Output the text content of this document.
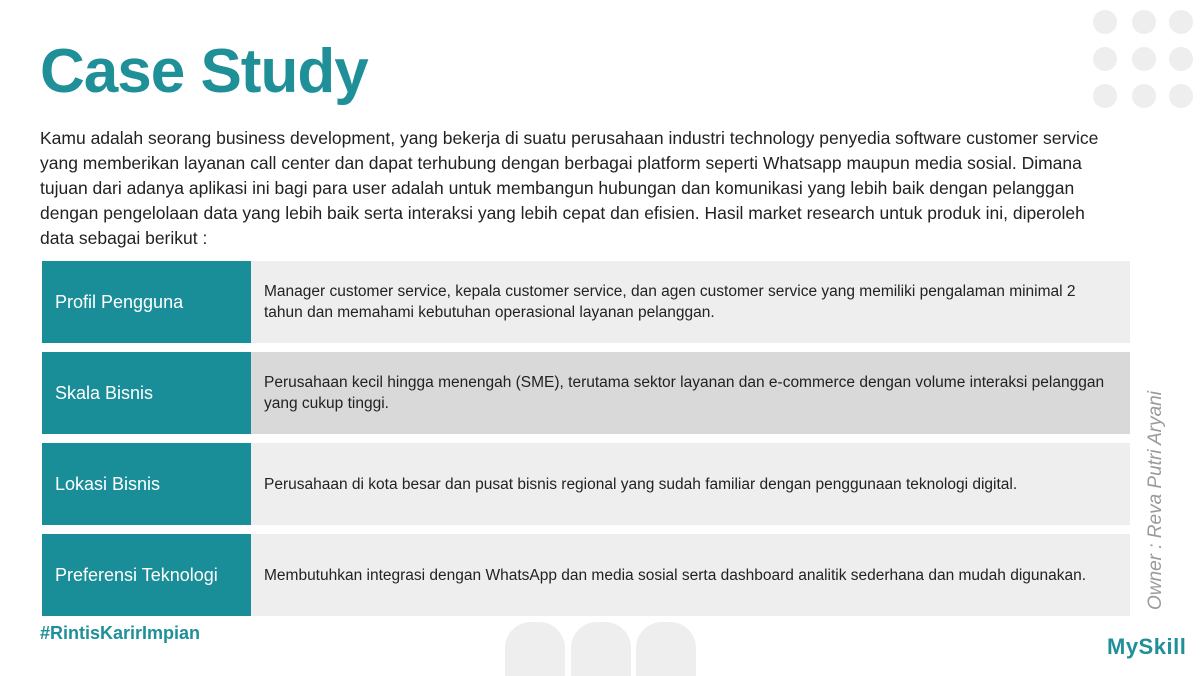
Case Study

Kamu adalah seorang business development, yang bekerja di suatu perusahaan industri technology penyedia software customer service yang memberikan layanan call center dan dapat terhubung dengan berbagai platform seperti Whatsapp maupun media sosial. Dimana tujuan dari adanya aplikasi ini bagi para user adalah untuk membangun hubungan dan komunikasi yang lebih baik dengan pelanggan dengan pengelolaan data yang lebih baik serta interaksi yang lebih cepat dan efisien. Hasil market research untuk produk ini, diperoleh data sebagai berikut :

Profil Pengguna	Manager customer service, kepala customer service, dan agen customer service yang memiliki pengalaman minimal 2 tahun dan memahami kebutuhan operasional layanan pelanggan.
Skala Bisnis	Perusahaan kecil hingga menengah (SME), terutama sektor layanan dan e-commerce dengan volume interaksi pelanggan yang cukup tinggi.
Lokasi Bisnis	Perusahaan di kota besar dan pusat bisnis regional yang sudah familiar dengan penggunaan teknologi digital.
Preferensi Teknologi	Membutuhkan integrasi dengan WhatsApp dan media sosial serta dashboard analitik sederhana dan mudah digunakan.	Owner : Reva Putri Aryani
#RintisKarirImpian
MySkill
